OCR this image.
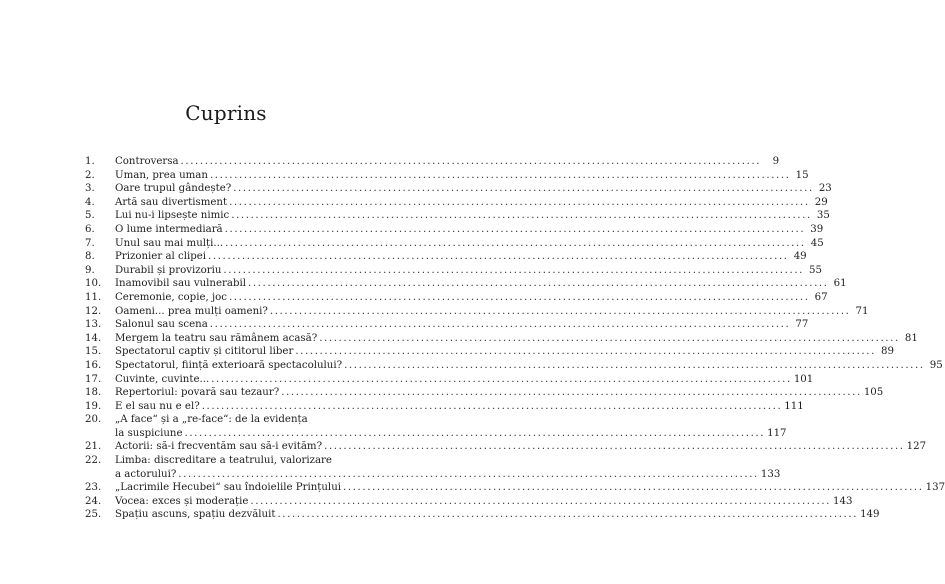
Cuprins
1.	Controversa ........................................................................................................................	9
2.	Uman, prea uman ........................................................................................................................ 15
3.	Oare trupul gândește? ........................................................................................................................ 23
4.	Artă sau divertisment ........................................................................................................................ 29
5.	Lui nu-i lipsește nimic ........................................................................................................................ 35
6.	O lume intermediară ........................................................................................................................ 39
7.	Unul sau mai mulți... ........................................................................................................................ 45
8.	Prizonier al clipei ........................................................................................................................ 49
9.	Durabil și provizoriu ........................................................................................................................ 55
10.	Inamovibil sau vulnerabil ........................................................................................................................ 61
11.	Ceremonie, copie, joc ........................................................................................................................ 67
12.	Oameni... prea mulți oameni? ........................................................................................................................ 71
13.	Salonul sau scena ........................................................................................................................ 77
14.	Mergem la teatru sau rămânem acasă? ........................................................................................................................ 81
15.	Spectatorul captiv și cititorul liber ........................................................................................................................ 89
16.	Spectatorul, ființă exterioară spectacolului? ........................................................................................................................ 95
17.	Cuvinte, cuvinte... ........................................................................................................................ 101
18.	Repertoriul: povară sau tezaur? ........................................................................................................................ 105
19.	E el sau nu e el? ........................................................................................................................ 111
20.	„A face“ și a „re-face“: de la evidența
la suspiciune ........................................................................................................................ 117
21.	Actorii: să-i frecventăm sau să-i evităm? ........................................................................................................................ 127
22.	Limba: discreditare a teatrului, valorizare
a actorului? ........................................................................................................................ 133
23.	„Lacrimile Hecubei“ sau îndoielile Prințului ........................................................................................................................ 137
24.	Vocea: exces și moderație ........................................................................................................................ 143
25.	Spațiu ascuns, spațiu dezvăluit ........................................................................................................................ 149
